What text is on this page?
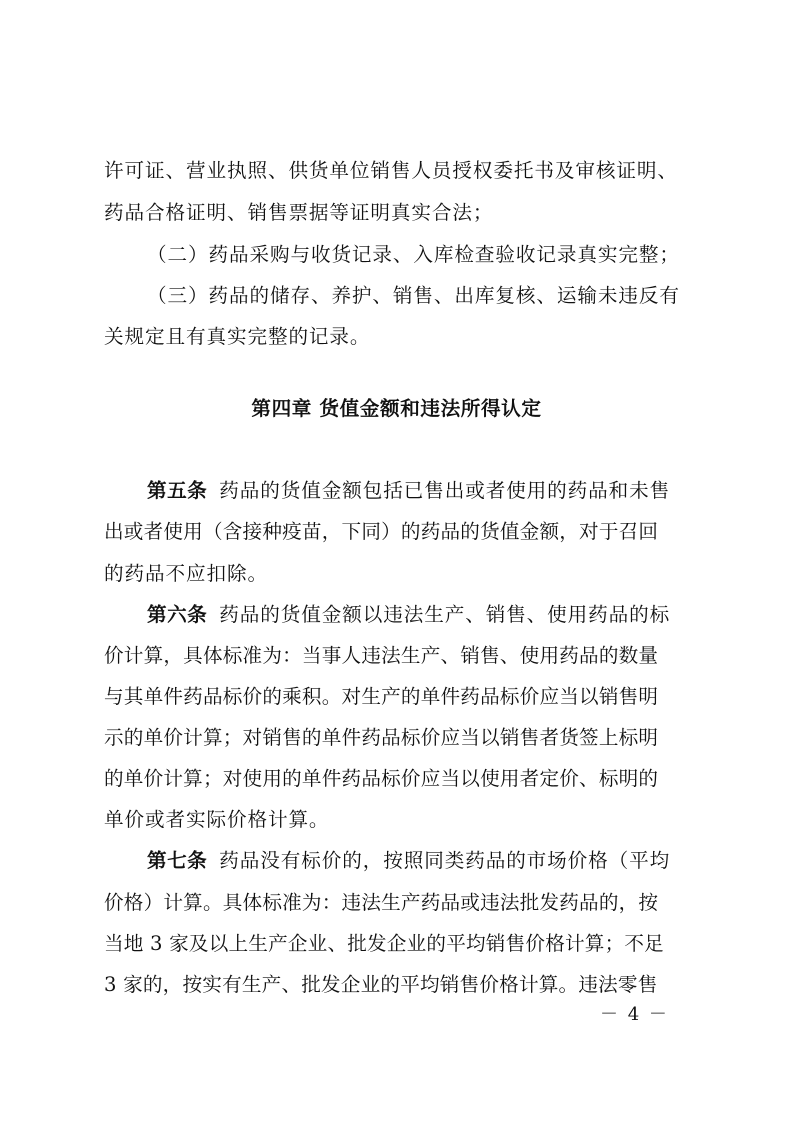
许可证、营业执照、供货单位销售人员授权委托书及审核证明、
药品合格证明、销售票据等证明真实合法；
（二）药品采购与收货记录、入库检查验收记录真实完整；
（三）药品的储存、养护、销售、出库复核、运输未违反有
关规定且有真实完整的记录。
第四章 货值金额和违法所得认定
第五条 药品的货值金额包括已售出或者使用的药品和未售
出或者使用（含接种疫苗，下同）的药品的货值金额，对于召回
的药品不应扣除。
第六条 药品的货值金额以违法生产、销售、使用药品的标
价计算，具体标准为：当事人违法生产、销售、使用药品的数量
与其单件药品标价的乘积。对生产的单件药品标价应当以销售明
示的单价计算；对销售的单件药品标价应当以销售者货签上标明
的单价计算；对使用的单件药品标价应当以使用者定价、标明的
单价或者实际价格计算。
第七条 药品没有标价的，按照同类药品的市场价格（平均
价格）计算。具体标准为：违法生产药品或违法批发药品的，按
当地 3 家及以上生产企业、批发企业的平均销售价格计算；不足
3 家的，按实有生产、批发企业的平均销售价格计算。违法零售
－ 4 －
